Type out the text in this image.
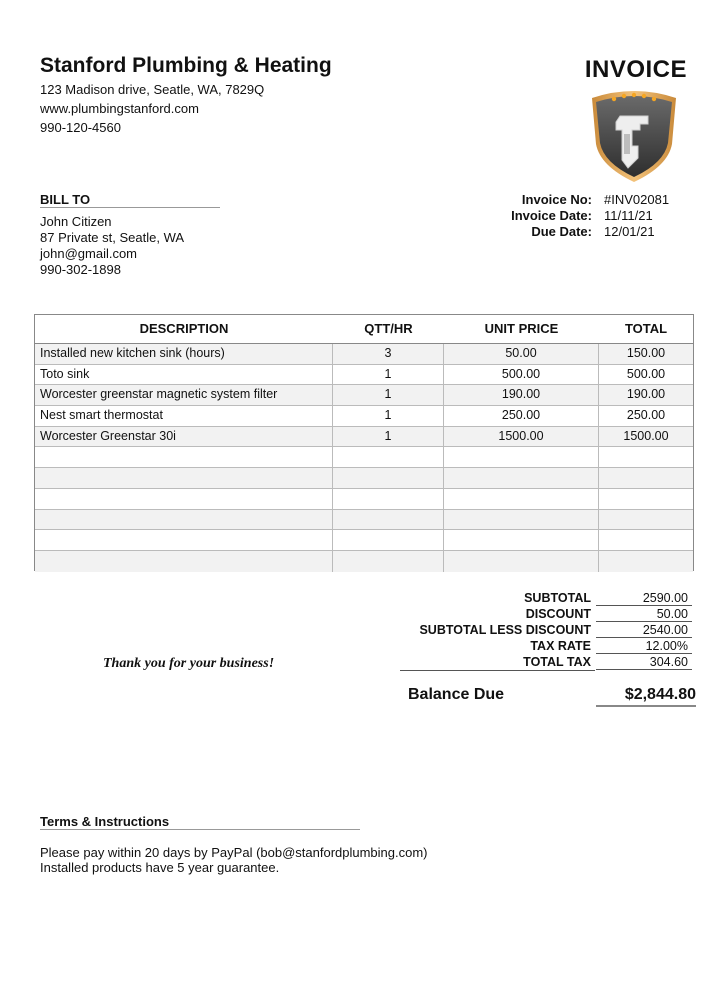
Stanford Plumbing & Heating
123 Madison drive, Seatle, WA, 7829Q
www.plumbingstanford.com
990-120-4560
INVOICE
BILL TO
John Citizen
87 Private st, Seatle, WA
john@gmail.com
990-302-1898
Invoice No: #INV02081
Invoice Date: 11/11/21
Due Date: 12/01/21
DESCRIPTION	QTT/HR	UNIT PRICE	TOTAL
Installed new kitchen sink (hours)	3	50.00	150.00
Toto sink	1	500.00	500.00
Worcester greenstar magnetic system filter	1	190.00	190.00
Nest smart thermostat	1	250.00	250.00
Worcester Greenstar 30i	1	1500.00	1500.00
SUBTOTAL	2590.00
DISCOUNT	50.00
SUBTOTAL LESS DISCOUNT	2540.00
TAX RATE	12.00%
TOTAL TAX	304.60
Thank you for your business!
Balance Due	$2,844.80
Terms & Instructions
Please pay within 20 days by PayPal (bob@stanfordplumbing.com)
Installed products have 5 year guarantee.
